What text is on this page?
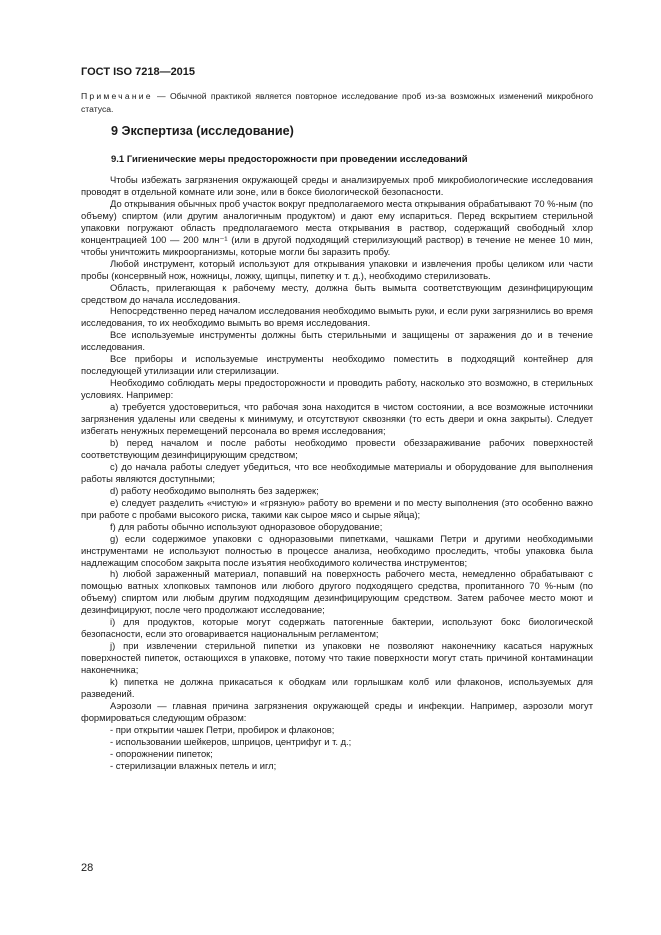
ГОСТ ISO 7218—2015
Примечание — Обычной практикой является повторное исследование проб из-за возможных изменений микробного статуса.
9 Экспертиза (исследование)
9.1 Гигиенические меры предосторожности при проведении исследований

Чтобы избежать загрязнения окружающей среды и анализируемых проб микробиологические исследования проводят в отдельной комнате или зоне, или в боксе биологической безопасности.

До открывания обычных проб участок вокруг предполагаемого места открывания обрабатывают 70 %-ным (по объему) спиртом (или другим аналогичным продуктом) и дают ему испариться. Перед вскрытием стерильной упаковки погружают область предполагаемого места открывания в раствор, содержащий свободный хлор концентрацией 100 — 200 млн⁻¹ (или в другой подходящий стерилизующий раствор) в течение не менее 10 мин, чтобы уничтожить микроорганизмы, которые могли бы заразить пробу.

Любой инструмент, который используют для открывания упаковки и извлечения пробы целиком или части пробы (консервный нож, ножницы, ложку, щипцы, пипетку и т. д.), необходимо стерилизовать.

Область, прилегающая к рабочему месту, должна быть вымыта соответствующим дезинфицирующим средством до начала исследования.

Непосредственно перед началом исследования необходимо вымыть руки, и если руки загрязнились во время исследования, то их необходимо вымыть во время исследования.

Все используемые инструменты должны быть стерильными и защищены от заражения до и в течение исследования.

Все приборы и используемые инструменты необходимо поместить в подходящий контейнер для последующей утилизации или стерилизации.

Необходимо соблюдать меры предосторожности и проводить работу, насколько это возможно, в стерильных условиях. Например:

a) требуется удостовериться, что рабочая зона находится в чистом состоянии, а все возможные источники загрязнения удалены или сведены к минимуму, и отсутствуют сквозняки (то есть двери и окна закрыты). Следует избегать ненужных перемещений персонала во время исследования;

b) перед началом и после работы необходимо провести обеззараживание рабочих поверхностей соответствующим дезинфицирующим средством;

c) до начала работы следует убедиться, что все необходимые материалы и оборудование для выполнения работы являются доступными;

d) работу необходимо выполнять без задержек;

e) следует разделить «чистую» и «грязную» работу во времени и по месту выполнения (это особенно важно при работе с пробами высокого риска, такими как сырое мясо и сырые яйца);

f) для работы обычно используют одноразовое оборудование;

g) если содержимое упаковки с одноразовыми пипетками, чашками Петри и другими необходимыми инструментами не используют полностью в процессе анализа, необходимо проследить, чтобы упаковка была надлежащим способом закрыта после изъятия необходимого количества инструментов;

h) любой зараженный материал, попавший на поверхность рабочего места, немедленно обрабатывают с помощью ватных хлопковых тампонов или любого другого подходящего средства, пропитанного 70 %-ным (по объему) спиртом или любым другим подходящим дезинфицирующим средством. Затем рабочее место моют и дезинфицируют, после чего продолжают исследование;

i) для продуктов, которые могут содержать патогенные бактерии, используют бокс биологической безопасности, если это оговаривается национальным регламентом;

j) при извлечении стерильной пипетки из упаковки не позволяют наконечнику касаться наружных поверхностей пипеток, остающихся в упаковке, потому что такие поверхности могут стать причиной контаминации наконечника;

k) пипетка не должна прикасаться к ободкам или горлышкам колб или флаконов, используемых для разведений.

Аэрозоли — главная причина загрязнения окружающей среды и инфекции. Например, аэрозоли могут формироваться следующим образом:

- при открытии чашек Петри, пробирок и флаконов;

- использовании шейкеров, шприцов, центрифуг и т. д.;

- опорожнении пипеток;

- стерилизации влажных петель и игл;

28
